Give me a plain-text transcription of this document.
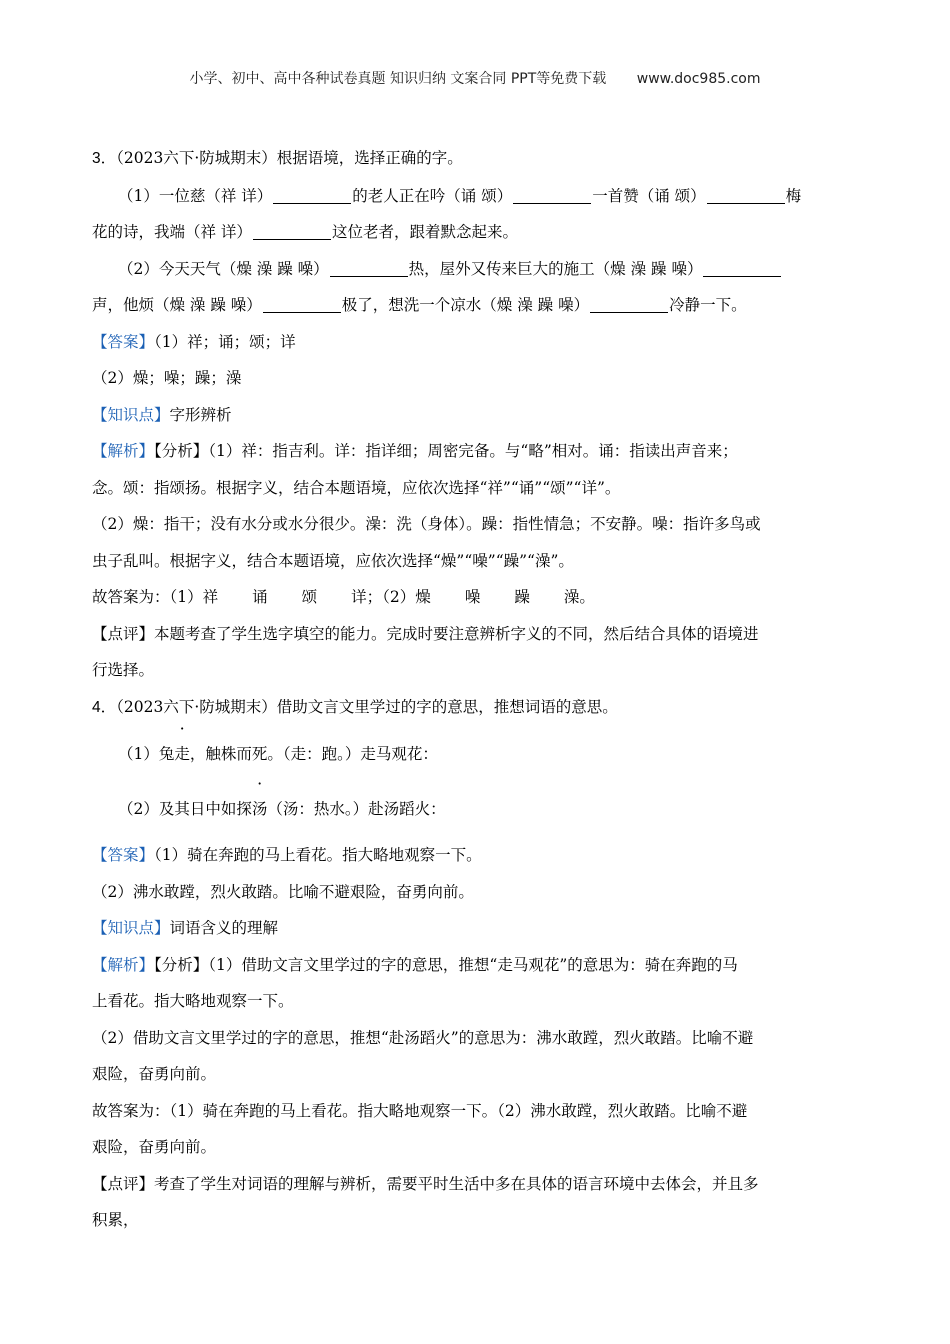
小学、初中、高中各种试卷真题 知识归纳 文案合同 PPT等免费下载 www.doc985.com
3．（2023六下·防城期末）根据语境，选择正确的字。
（1）一位慈（祥 详）	的老人正在吟（诵 颂）	一首赞（诵 颂）	梅
花的诗，我端（祥 详）	这位老者，跟着默念起来。
（2）今天天气（燥 澡 躁 噪）	热，屋外又传来巨大的施工（燥 澡 躁 噪）
声，他烦（燥 澡 躁 噪）	极了，想洗一个凉水（燥 澡 躁 噪）	冷静一下。
【答案】（1）祥；诵；颂；详
（2）燥；噪；躁；澡
【知识点】字形辨析
【解析】【分析】（1）祥：指吉利。详：指详细；周密完备。与“略”相对。诵：指读出声音来；
念。颂：指颂扬。根据字义，结合本题语境，应依次选择“祥”“诵”“颂”“详”。
（2）燥：指干；没有水分或水分很少。澡：洗（身体）。躁：指性情急；不安静。噪：指许多鸟或
虫子乱叫。根据字义，结合本题语境，应依次选择“燥”“噪”“躁”“澡”。
故答案为：（1）祥 诵 颂 详；（2）燥 噪 躁 澡。
【点评】本题考查了学生选字填空的能力。完成时要注意辨析字义的不同，然后结合具体的语境进
行选择。
4．（2023六下·防城期末）借助文言文里学过的字的意思，推想词语的意思。
（1）兔走，触株而死。（走：跑。）走马观花：
（2）及其日中如探汤（汤：热水。）赴汤蹈火：
【答案】（1）骑在奔跑的马上看花。指大略地观察一下。
（2）沸水敢蹚，烈火敢踏。比喻不避艰险，奋勇向前。
【知识点】词语含义的理解
【解析】【分析】（1）借助文言文里学过的字的意思，推想“走马观花”的意思为：骑在奔跑的马
上看花。指大略地观察一下。
（2）借助文言文里学过的字的意思，推想“赴汤蹈火”的意思为：沸水敢蹚，烈火敢踏。比喻不避
艰险，奋勇向前。
故答案为：（1）骑在奔跑的马上看花。指大略地观察一下。（2）沸水敢蹚，烈火敢踏。比喻不避
艰险，奋勇向前。
【点评】考查了学生对词语的理解与辨析，需要平时生活中多在具体的语言环境中去体会，并且多
积累，
